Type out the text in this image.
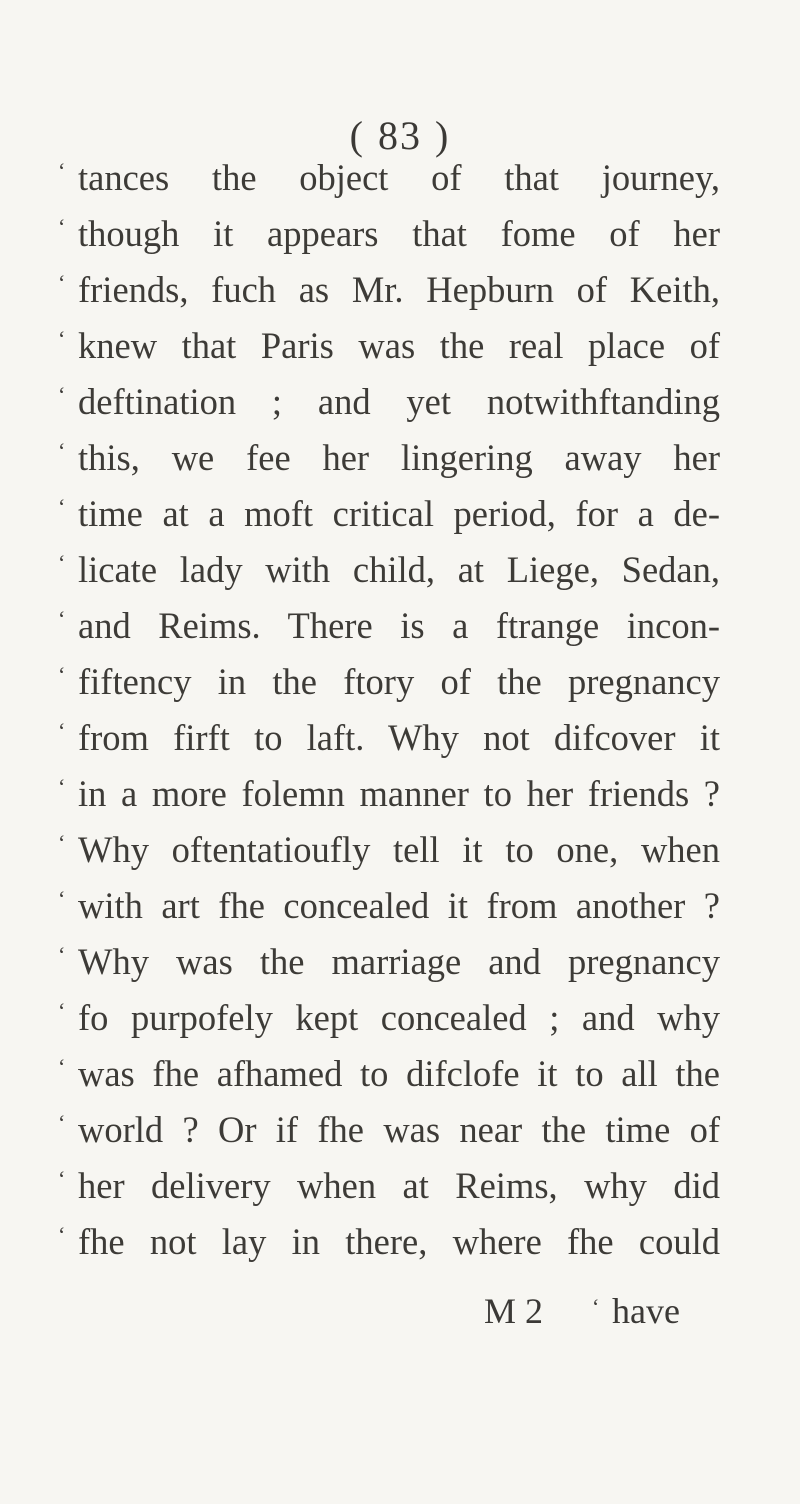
( 83 )
‘ tances the object of that journey,
‘ though it appears that fome of her
‘ friends, fuch as Mr. Hepburn of Keith,
‘ knew that Paris was the real place of
‘ deftination ; and yet notwithftanding
‘ this, we fee her lingering away her
‘ time at a moft critical period, for a de-
‘ licate lady with child, at Liege, Sedan,
‘ and Reims. There is a ftrange incon-
‘ fiftency in the ftory of the pregnancy
‘ from firft to laft. Why not difcover it
‘ in a more folemn manner to her friends ?
‘ Why oftentatioufly tell it to one, when
‘ with art fhe concealed it from another ?
‘ Why was the marriage and pregnancy
‘ fo purpofely kept concealed ; and why
‘ was fhe afhamed to difclofe it to all the
‘ world ? Or if fhe was near the time of
‘ her delivery when at Reims, why did
‘ fhe not lay in there, where fhe could
M 2 ‘ have
